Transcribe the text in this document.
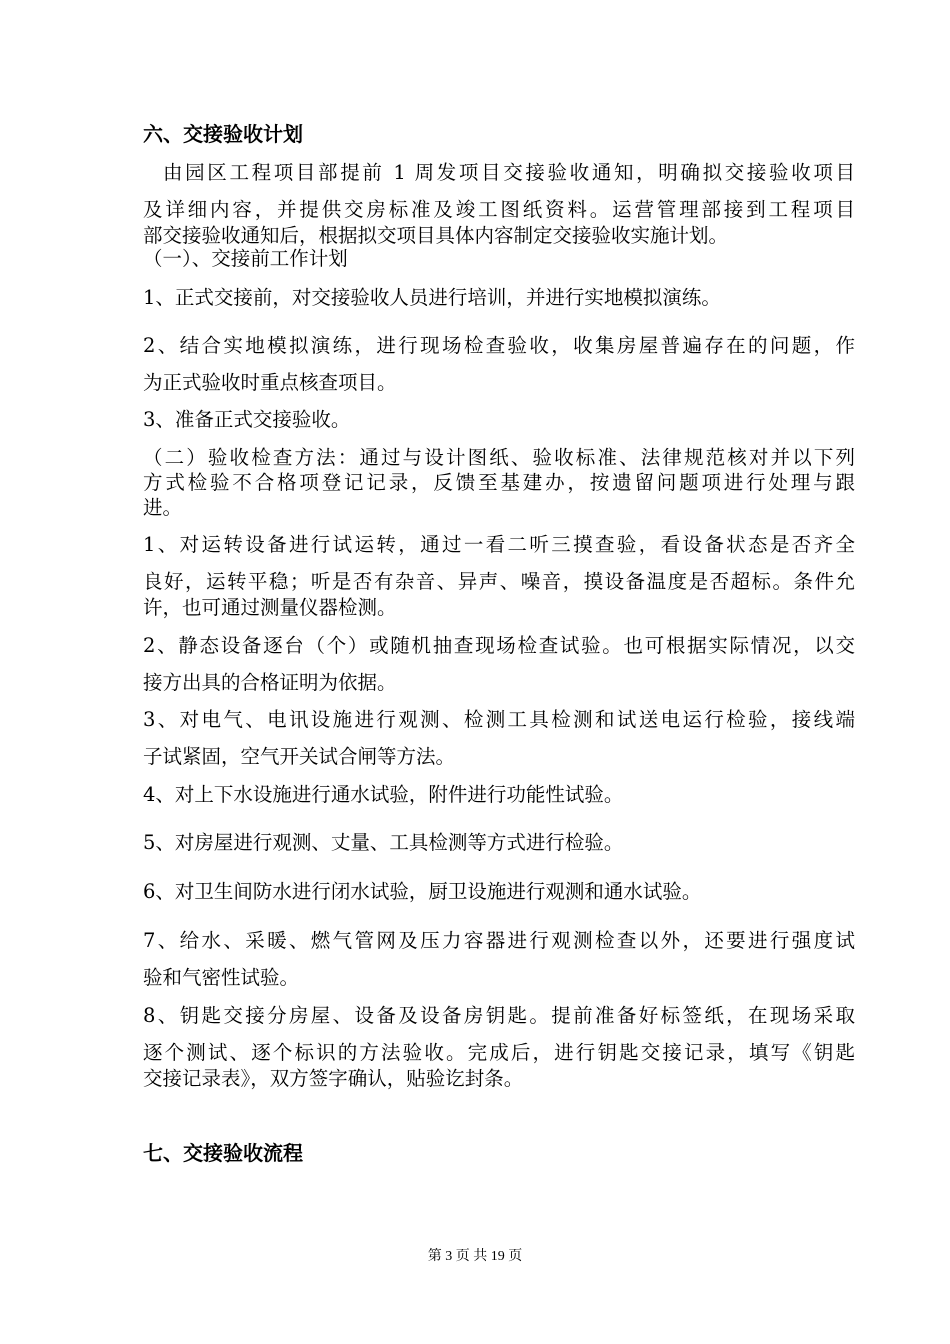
六、交接验收计划
由园区工程项目部提前 1 周发项目交接验收通知，明确拟交接验收项目
及详细内容，并提供交房标准及竣工图纸资料。运营管理部接到工程项目
部交接验收通知后，根据拟交项目具体内容制定交接验收实施计划。
（一）、交接前工作计划
1、正式交接前，对交接验收人员进行培训，并进行实地模拟演练。
2、结合实地模拟演练，进行现场检查验收，收集房屋普遍存在的问题，作
为正式验收时重点核查项目。
3、准备正式交接验收。
（二）验收检查方法：通过与设计图纸、验收标准、法律规范核对并以下列
方式检验不合格项登记记录，反馈至基建办，按遗留问题项进行处理与跟
进。
1、对运转设备进行试运转，通过一看二听三摸查验，看设备状态是否齐全
良好，运转平稳；听是否有杂音、异声、噪音，摸设备温度是否超标。条件允
许，也可通过测量仪器检测。
2、静态设备逐台（个）或随机抽查现场检查试验。也可根据实际情况，以交
接方出具的合格证明为依据。
3、对电气、电讯设施进行观测、检测工具检测和试送电运行检验，接线端
子试紧固，空气开关试合闸等方法。
4、对上下水设施进行通水试验，附件进行功能性试验。
5、对房屋进行观测、丈量、工具检测等方式进行检验。
6、对卫生间防水进行闭水试验，厨卫设施进行观测和通水试验。
7、给水、采暖、燃气管网及压力容器进行观测检查以外，还要进行强度试
验和气密性试验。
8、钥匙交接分房屋、设备及设备房钥匙。提前准备好标签纸，在现场采取
逐个测试、逐个标识的方法验收。完成后，进行钥匙交接记录，填写《钥匙
交接记录表》，双方签字确认，贴验讫封条。
七、交接验收流程
第 3 页 共 19 页
